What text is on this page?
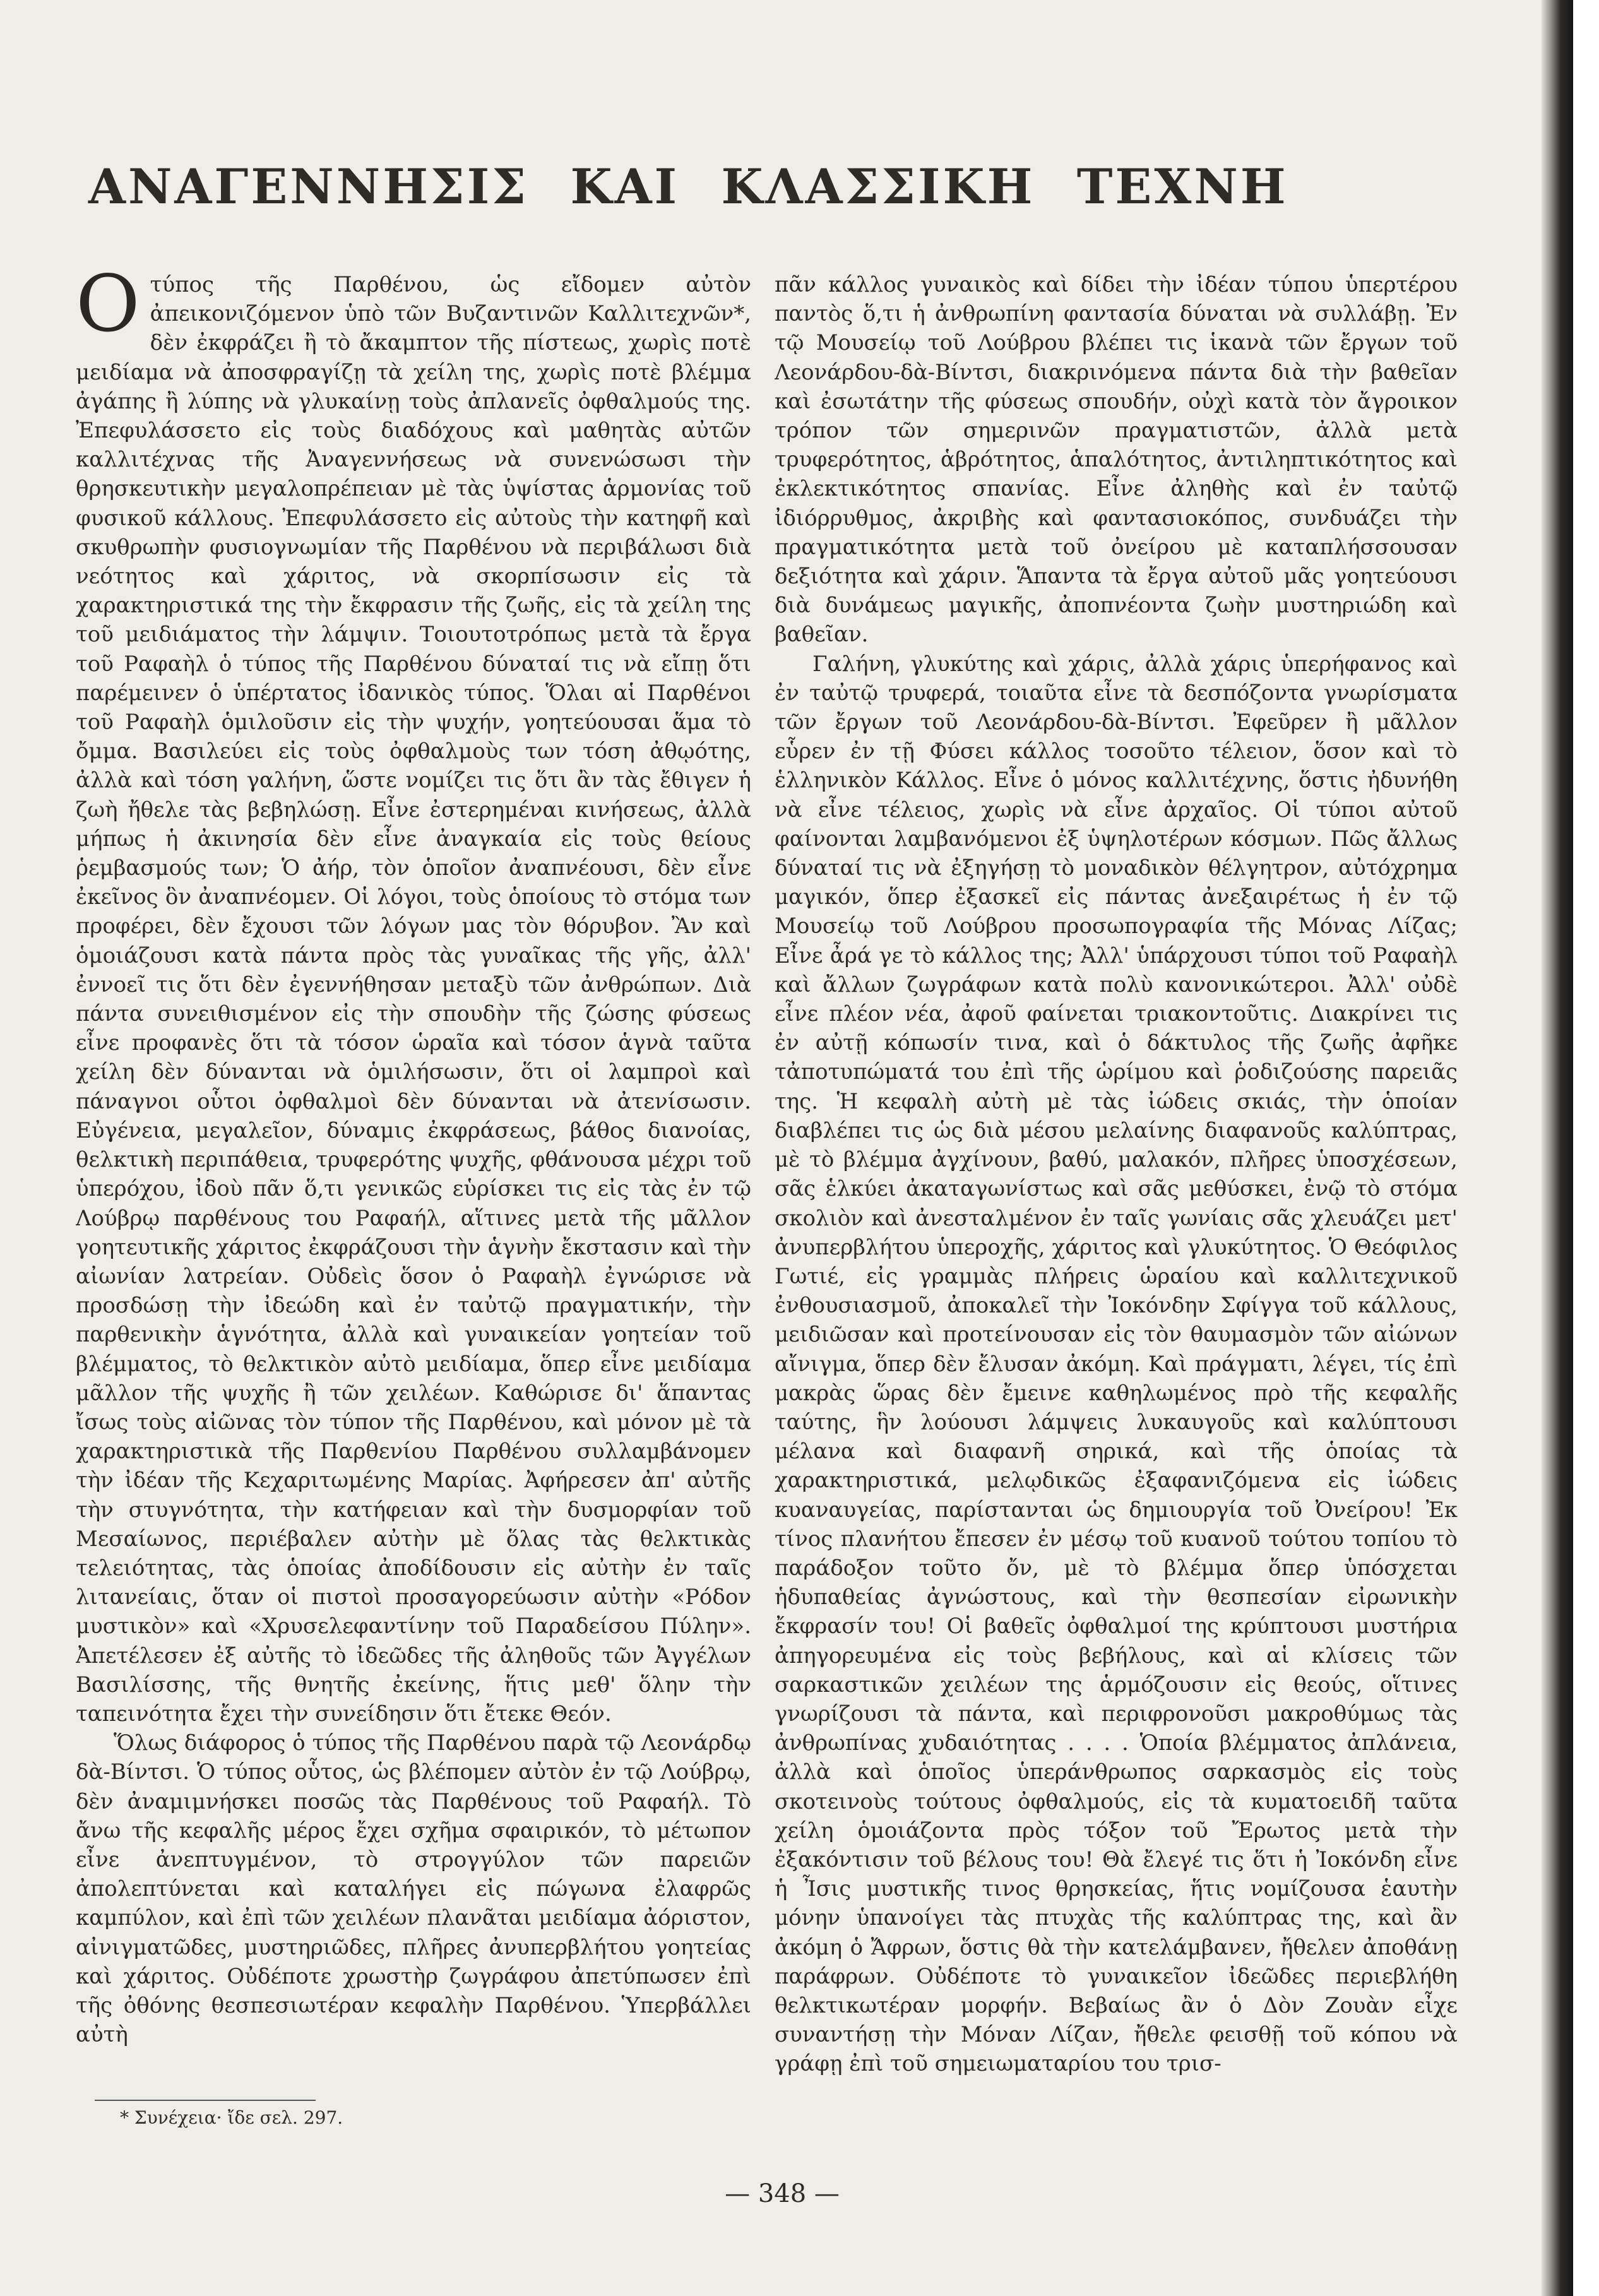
ΑΝΑΓΕΝΝΗΣΙΣ ΚΑΙ ΚΛΑΣΣΙΚΗ ΤΕΧΝΗ

Οτύπος τῆς Παρθένου, ὡς εἴδομεν αὐτὸν ἀπεικονιζόμενον ὑπὸ τῶν Βυζαντινῶν Καλλιτεχνῶν*, δὲν ἐκφράζει ἢ τὸ ἄκαμπτον τῆς πίστεως, χωρὶς ποτὲ μειδίαμα νὰ ἀποσφραγίζῃ τὰ χείλη της, χωρὶς ποτὲ βλέμμα ἀγάπης ἢ λύπης νὰ γλυκαίνῃ τοὺς ἀπλανεῖς ὀφθαλμούς της. Ἐπεφυλάσσετο εἰς τοὺς διαδόχους καὶ μαθητὰς αὐτῶν καλλιτέχνας τῆς Ἀναγεννήσεως νὰ συνενώσωσι τὴν θρησκευτικὴν μεγαλοπρέπειαν μὲ τὰς ὑψίστας ἁρμονίας τοῦ φυσικοῦ κάλλους. Ἐπεφυλάσσετο εἰς αὐτοὺς τὴν κατηφῆ καὶ σκυθρωπὴν φυσιογνωμίαν τῆς Παρθένου νὰ περιβάλωσι διὰ νεότητος καὶ χάριτος, νὰ σκορπίσωσιν εἰς τὰ χαρακτηριστικά της τὴν ἔκφρασιν τῆς ζωῆς, εἰς τὰ χείλη της τοῦ μειδιάματος τὴν λάμψιν. Τοιουτοτρόπως μετὰ τὰ ἔργα τοῦ Ραφαὴλ ὁ τύπος τῆς Παρθένου δύναταί τις νὰ εἴπῃ ὅτι παρέμεινεν ὁ ὑπέρτατος ἰδανικὸς τύπος. Ὅλαι αἱ Παρθένοι τοῦ Ραφαὴλ ὁμιλοῦσιν εἰς τὴν ψυχήν, γοητεύουσαι ἅμα τὸ ὄμμα. Βασιλεύει εἰς τοὺς ὀφθαλμοὺς των τόση ἀθῳότης, ἀλλὰ καὶ τόση γαλήνη, ὥστε νομίζει τις ὅτι ἂν τὰς ἔθιγεν ἡ ζωὴ ἤθελε τὰς βεβηλώσῃ. Εἶνε ἐστερημέναι κινήσεως, ἀλλὰ μήπως ἡ ἀκινησία δὲν εἶνε ἀναγκαία εἰς τοὺς θείους ῥεμβασμούς των; Ὁ ἀήρ, τὸν ὁποῖον ἀναπνέουσι, δὲν εἶνε ἐκεῖνος ὃν ἀναπνέομεν. Οἱ λόγοι, τοὺς ὁποίους τὸ στόμα των προφέρει, δὲν ἔχουσι τῶν λόγων μας τὸν θόρυβον. Ἂν καὶ ὁμοιάζουσι κατὰ πάντα πρὸς τὰς γυναῖκας τῆς γῆς, ἀλλ' ἐννοεῖ τις ὅτι δὲν ἐγεννήθησαν μεταξὺ τῶν ἀνθρώπων. Διὰ πάντα συνειθισμένον εἰς τὴν σπουδὴν τῆς ζώσης φύσεως εἶνε προφανὲς ὅτι τὰ τόσον ὡραῖα καὶ τόσον ἁγνὰ ταῦτα χείλη δὲν δύνανται νὰ ὁμιλήσωσιν, ὅτι οἱ λαμπροὶ καὶ πάναγνοι οὗτοι ὀφθαλμοὶ δὲν δύνανται νὰ ἀτενίσωσιν. Εὐγένεια, μεγαλεῖον, δύναμις ἐκφράσεως, βάθος διανοίας, θελκτικὴ περιπάθεια, τρυφερότης ψυχῆς, φθάνουσα μέχρι τοῦ ὑπερόχου, ἰδοὺ πᾶν ὅ,τι γενικῶς εὑρίσκει τις εἰς τὰς ἐν τῷ Λούβρῳ παρθένους του Ραφαήλ, αἵτινες μετὰ τῆς μᾶλλον γοητευτικῆς χάριτος ἐκφράζουσι τὴν ἁγνὴν ἔκστασιν καὶ τὴν αἰωνίαν λατρείαν. Οὐδεὶς ὅσον ὁ Ραφαὴλ ἐγνώρισε νὰ προσδώσῃ τὴν ἰδεώδη καὶ ἐν ταὐτῷ πραγματικήν, τὴν παρθενικὴν ἁγνότητα, ἀλλὰ καὶ γυναικείαν γοητείαν τοῦ βλέμματος, τὸ θελκτικὸν αὐτὸ μειδίαμα, ὅπερ εἶνε μειδίαμα μᾶλλον τῆς ψυχῆς ἢ τῶν χειλέων. Καθώρισε δι' ἅπαντας ἴσως τοὺς αἰῶνας τὸν τύπον τῆς Παρθένου, καὶ μόνον μὲ τὰ χαρακτηριστικὰ τῆς Παρθενίου Παρθένου συλλαμβάνομεν τὴν ἰδέαν τῆς Κεχαριτωμένης Μαρίας. Ἀφήρεσεν ἀπ' αὐτῆς τὴν στυγνότητα, τὴν κατήφειαν καὶ τὴν δυσμορφίαν τοῦ Μεσαίωνος, περιέβαλεν αὐτὴν μὲ ὅλας τὰς θελκτικὰς τελειότητας, τὰς ὁποίας ἀποδίδουσιν εἰς αὐτὴν ἐν ταῖς λιτανείαις, ὅταν οἱ πιστοὶ προσαγορεύωσιν αὐτὴν «Ρόδον μυστικὸν» καὶ «Χρυσελεφαντίνην τοῦ Παραδείσου Πύλην». Ἀπετέλεσεν ἐξ αὐτῆς τὸ ἰδεῶδες τῆς ἀληθοῦς τῶν Ἀγγέλων Βασιλίσσης, τῆς θνητῆς ἐκείνης, ἥτις μεθ' ὅλην τὴν ταπεινότητα ἔχει τὴν συνείδησιν ὅτι ἔτεκε Θεόν.

Ὅλως διάφορος ὁ τύπος τῆς Παρθένου παρὰ τῷ Λεονάρδῳ δὰ-Βίντσι. Ὁ τύπος οὗτος, ὡς βλέπομεν αὐτὸν ἐν τῷ Λούβρῳ, δὲν ἀναμιμνήσκει ποσῶς τὰς Παρθένους τοῦ Ραφαήλ. Τὸ ἄνω τῆς κεφαλῆς μέρος ἔχει σχῆμα σφαιρικόν, τὸ μέτωπον εἶνε ἀνεπτυγμένον, τὸ στρογγύλον τῶν παρειῶν ἀπολεπτύνεται καὶ καταλήγει εἰς πώγωνα ἐλαφρῶς καμπύλον, καὶ ἐπὶ τῶν χειλέων πλανᾶται μειδίαμα ἀόριστον, αἰνιγματῶδες, μυστηριῶδες, πλῆρες ἀνυπερβλήτου γοητείας καὶ χάριτος. Οὐδέποτε χρωστὴρ ζωγράφου ἀπετύπωσεν ἐπὶ τῆς ὀθόνης θεσπεσιωτέραν κεφαλὴν Παρθένου. Ὑπερβάλλει αὐτὴ

πᾶν κάλλος γυναικὸς καὶ δίδει τὴν ἰδέαν τύπου ὑπερτέρου παντὸς ὅ,τι ἡ ἀνθρωπίνη φαντασία δύναται νὰ συλλάβῃ. Ἐν τῷ Μουσείῳ τοῦ Λούβρου βλέπει τις ἱκανὰ τῶν ἔργων τοῦ Λεονάρδου-δὰ-Βίντσι, διακρινόμενα πάντα διὰ τὴν βαθεῖαν καὶ ἐσωτάτην τῆς φύσεως σπουδήν, οὐχὶ κατὰ τὸν ἄγροικον τρόπον τῶν σημερινῶν πραγματιστῶν, ἀλλὰ μετὰ τρυφερότητος, ἁβρότητος, ἁπαλότητος, ἀντιληπτικότητος καὶ ἐκλεκτικότητος σπανίας. Εἶνε ἀληθὴς καὶ ἐν ταὐτῷ ἰδιόρρυθμος, ἀκριβὴς καὶ φαντασιοκόπος, συνδυάζει τὴν πραγματικότητα μετὰ τοῦ ὀνείρου μὲ καταπλήσσουσαν δεξιότητα καὶ χάριν. Ἅπαντα τὰ ἔργα αὐτοῦ μᾶς γοητεύουσι διὰ δυνάμεως μαγικῆς, ἀποπνέοντα ζωὴν μυστηριώδη καὶ βαθεῖαν.

Γαλήνη, γλυκύτης καὶ χάρις, ἀλλὰ χάρις ὑπερήφανος καὶ ἐν ταὐτῷ τρυφερά, τοιαῦτα εἶνε τὰ δεσπόζοντα γνωρίσματα τῶν ἔργων τοῦ Λεονάρδου-δὰ-Βίντσι. Ἐφεῦρεν ἢ μᾶλλον εὗρεν ἐν τῇ Φύσει κάλλος τοσοῦτο τέλειον, ὅσον καὶ τὸ ἑλληνικὸν Κάλλος. Εἶνε ὁ μόνος καλλιτέχνης, ὅστις ἠδυνήθη νὰ εἶνε τέλειος, χωρὶς νὰ εἶνε ἀρχαῖος. Οἱ τύποι αὐτοῦ φαίνονται λαμβανόμενοι ἐξ ὑψηλοτέρων κόσμων. Πῶς ἄλλως δύναταί τις νὰ ἐξηγήσῃ τὸ μοναδικὸν θέλγητρον, αὐτόχρημα μαγικόν, ὅπερ ἐξασκεῖ εἰς πάντας ἀνεξαιρέτως ἡ ἐν τῷ Μουσείῳ τοῦ Λούβρου προσωπογραφία τῆς Μόνας Λίζας; Εἶνε ἆρά γε τὸ κάλλος της; Ἀλλ' ὑπάρχουσι τύποι τοῦ Ραφαὴλ καὶ ἄλλων ζωγράφων κατὰ πολὺ κανονικώτεροι. Ἀλλ' οὐδὲ εἶνε πλέον νέα, ἀφοῦ φαίνεται τριακοντοῦτις. Διακρίνει τις ἐν αὐτῇ κόπωσίν τινα, καὶ ὁ δάκτυλος τῆς ζωῆς ἀφῆκε τἀποτυπώματά του ἐπὶ τῆς ὡρίμου καὶ ῥοδιζούσης παρειᾶς της. Ἡ κεφαλὴ αὐτὴ μὲ τὰς ἰώδεις σκιάς, τὴν ὁποίαν διαβλέπει τις ὡς διὰ μέσου μελαίνης διαφανοῦς καλύπτρας, μὲ τὸ βλέμμα ἀγχίνουν, βαθύ, μαλακόν, πλῆρες ὑποσχέσεων, σᾶς ἑλκύει ἀκαταγωνίστως καὶ σᾶς μεθύσκει, ἐνῷ τὸ στόμα σκολιὸν καὶ ἀνεσταλμένον ἐν ταῖς γωνίαις σᾶς χλευάζει μετ' ἀνυπερβλήτου ὑπεροχῆς, χάριτος καὶ γλυκύτητος. Ὁ Θεόφιλος Γωτιέ, εἰς γραμμὰς πλήρεις ὡραίου καὶ καλλιτεχνικοῦ ἐνθουσιασμοῦ, ἀποκαλεῖ τὴν Ἰοκόνδην Σφίγγα τοῦ κάλλους, μειδιῶσαν καὶ προτείνουσαν εἰς τὸν θαυμασμὸν τῶν αἰώνων αἴνιγμα, ὅπερ δὲν ἔλυσαν ἀκόμη. Καὶ πράγματι, λέγει, τίς ἐπὶ μακρὰς ὥρας δὲν ἔμεινε καθηλωμένος πρὸ τῆς κεφαλῆς ταύτης, ἣν λούουσι λάμψεις λυκαυγοῦς καὶ καλύπτουσι μέλανα καὶ διαφανῆ σηρικά, καὶ τῆς ὁποίας τὰ χαρακτηριστικά, μελῳδικῶς ἐξαφανιζόμενα εἰς ἰώδεις κυαναυγείας, παρίστανται ὡς δημιουργία τοῦ Ὀνείρου! Ἐκ τίνος πλανήτου ἔπεσεν ἐν μέσῳ τοῦ κυανοῦ τούτου τοπίου τὸ παράδοξον τοῦτο ὄν, μὲ τὸ βλέμμα ὅπερ ὑπόσχεται ἡδυπαθείας ἀγνώστους, καὶ τὴν θεσπεσίαν εἰρωνικὴν ἔκφρασίν του! Οἱ βαθεῖς ὀφθαλμοί της κρύπτουσι μυστήρια ἀπηγορευμένα εἰς τοὺς βεβήλους, καὶ αἱ κλίσεις τῶν σαρκαστικῶν χειλέων της ἁρμόζουσιν εἰς θεούς, οἵτινες γνωρίζουσι τὰ πάντα, καὶ περιφρονοῦσι μακροθύμως τὰς ἀνθρωπίνας χυδαιότητας . . . . Ὁποία βλέμματος ἀπλάνεια, ἀλλὰ καὶ ὁποῖος ὑπεράνθρωπος σαρκασμὸς εἰς τοὺς σκοτεινοὺς τούτους ὀφθαλμούς, εἰς τὰ κυματοειδῆ ταῦτα χείλη ὁμοιάζοντα πρὸς τόξον τοῦ Ἔρωτος μετὰ τὴν ἐξακόντισιν τοῦ βέλους του! Θὰ ἔλεγέ τις ὅτι ἡ Ἰοκόνδη εἶνε ἡ Ἶσις μυστικῆς τινος θρησκείας, ἥτις νομίζουσα ἑαυτὴν μόνην ὑπανοίγει τὰς πτυχὰς τῆς καλύπτρας της, καὶ ἂν ἀκόμη ὁ Ἄφρων, ὅστις θὰ τὴν κατελάμβανεν, ἤθελεν ἀποθάνῃ παράφρων. Οὐδέποτε τὸ γυναικεῖον ἰδεῶδες περιεβλήθη θελκτικωτέραν μορφήν. Βεβαίως ἂν ὁ Δὸν Ζουὰν εἶχε συναντήσῃ τὴν Μόναν Λίζαν, ἤθελε φεισθῇ τοῦ κόπου νὰ γράφῃ ἐπὶ τοῦ σημειωματαρίου του τρισ-

* Συνέχεια· ἴδε σελ. 297.
— 348 —
